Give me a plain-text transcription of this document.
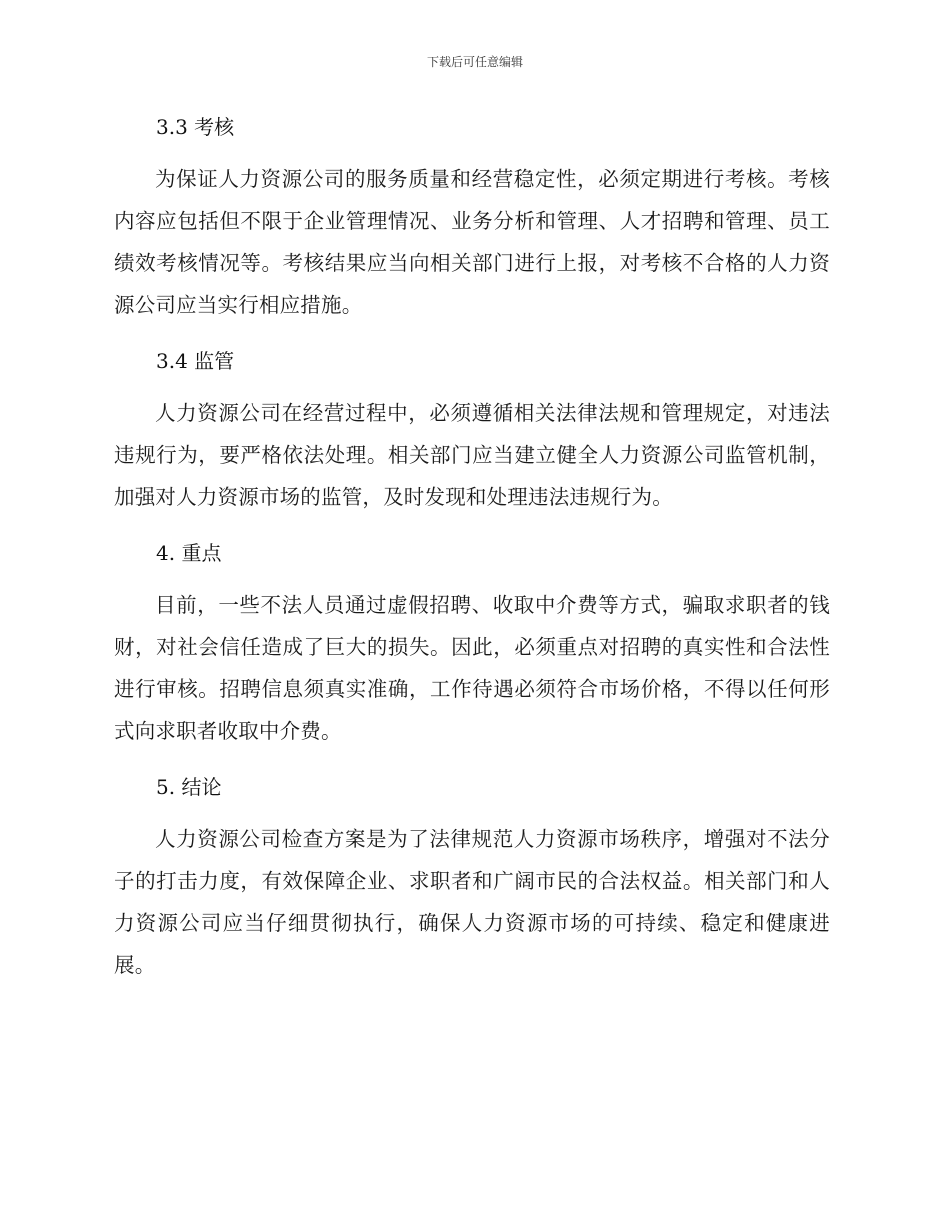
下载后可任意编辑
3.3 考核

为保证人力资源公司的服务质量和经营稳定性，必须定期进行考核。考核内容应包括但不限于企业管理情况、业务分析和管理、人才招聘和管理、员工绩效考核情况等。考核结果应当向相关部门进行上报，对考核不合格的人力资源公司应当实行相应措施。

3.4 监管

人力资源公司在经营过程中，必须遵循相关法律法规和管理规定，对违法违规行为，要严格依法处理。相关部门应当建立健全人力资源公司监管机制，加强对人力资源市场的监管，及时发现和处理违法违规行为。

4. 重点

目前，一些不法人员通过虚假招聘、收取中介费等方式，骗取求职者的钱财，对社会信任造成了巨大的损失。因此，必须重点对招聘的真实性和合法性进行审核。招聘信息须真实准确，工作待遇必须符合市场价格，不得以任何形式向求职者收取中介费。

5. 结论

人力资源公司检查方案是为了法律规范人力资源市场秩序，增强对不法分子的打击力度，有效保障企业、求职者和广阔市民的合法权益。相关部门和人力资源公司应当仔细贯彻执行，确保人力资源市场的可持续、稳定和健康进展。
